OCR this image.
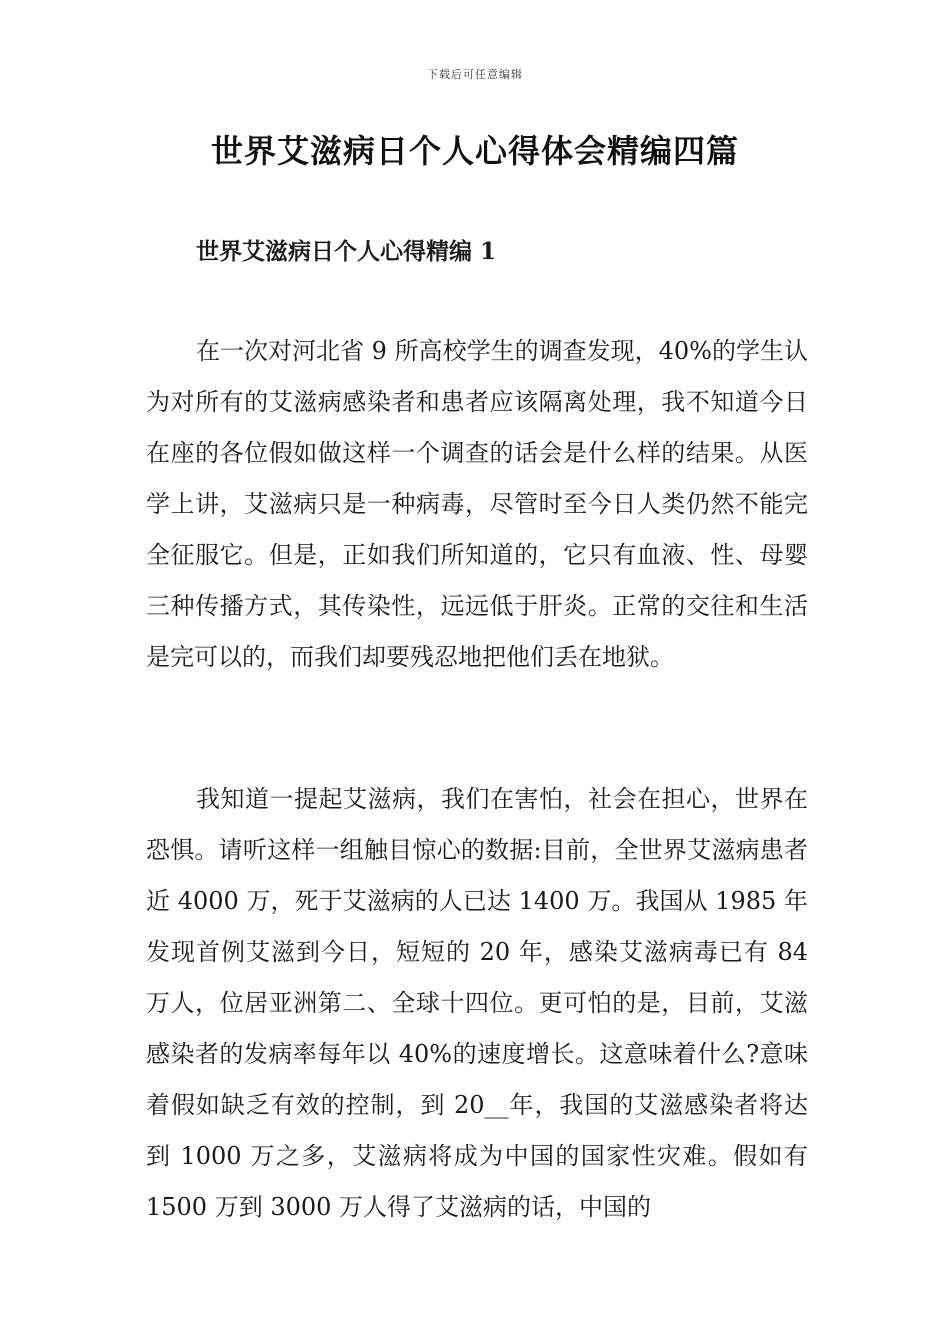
下载后可任意编辑
世界艾滋病日个人心得体会精编四篇
世界艾滋病日个人心得精编 1

在一次对河北省 9 所高校学生的调查发现，40%的学生认为对所有的艾滋病感染者和患者应该隔离处理，我不知道今日在座的各位假如做这样一个调查的话会是什么样的结果。从医学上讲，艾滋病只是一种病毒，尽管时至今日人类仍然不能完全征服它。但是，正如我们所知道的，它只有血液、性、母婴三种传播方式，其传染性，远远低于肝炎。正常的交往和生活是完可以的，而我们却要残忍地把他们丢在地狱。

我知道一提起艾滋病，我们在害怕，社会在担心，世界在恐惧。请听这样一组触目惊心的数据:目前，全世界艾滋病患者近 4000 万，死于艾滋病的人已达 1400 万。我国从 1985 年发现首例艾滋到今日，短短的 20 年，感染艾滋病毒已有 84 万人，位居亚洲第二、全球十四位。更可怕的是，目前，艾滋感染者的发病率每年以 40%的速度增长。这意味着什么?意味着假如缺乏有效的控制，到 20__年，我国的艾滋感染者将达到 1000 万之多，艾滋病将成为中国的国家性灾难。假如有 1500 万到 3000 万人得了艾滋病的话，中国的
